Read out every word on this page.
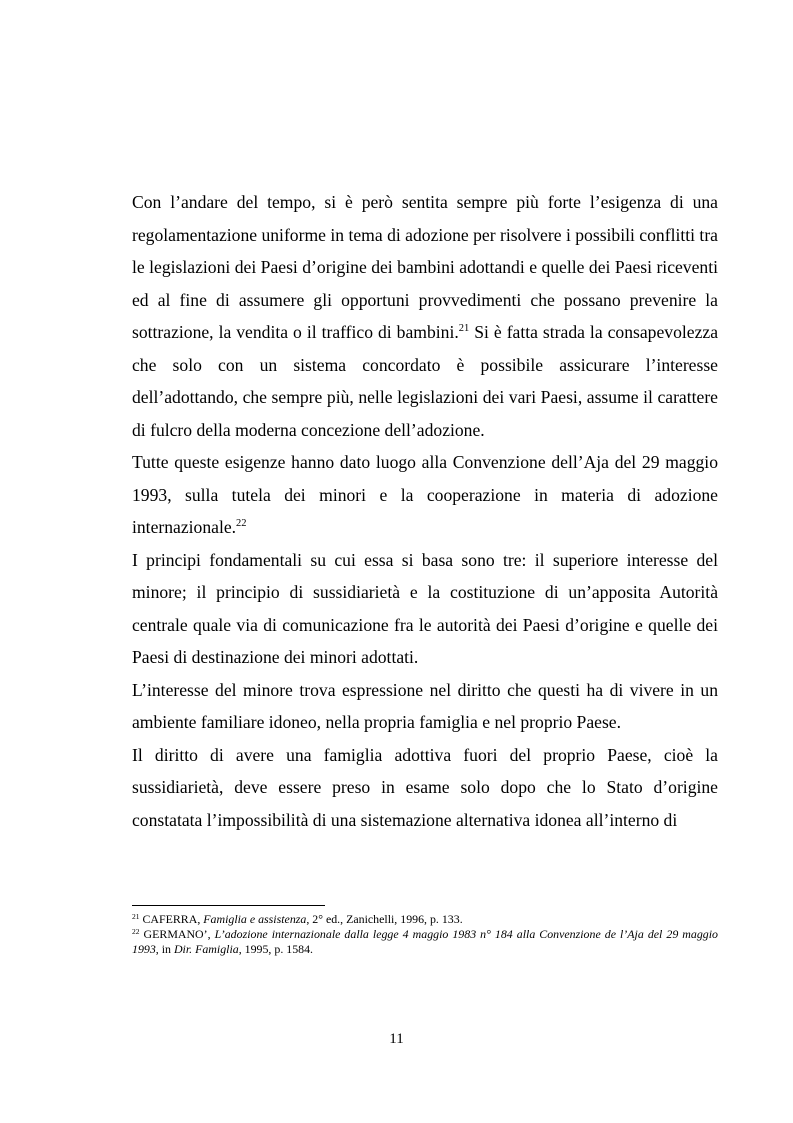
Con l’andare del tempo, si è però sentita sempre più forte l’esigenza di una regolamentazione uniforme in tema di adozione per risolvere i possibili conflitti tra le legislazioni dei Paesi d’origine dei bambini adottandi e quelle dei Paesi riceventi ed al fine di assumere gli opportuni provvedimenti che possano prevenire la sottrazione, la vendita o il traffico di bambini.$^{21}$ Si è fatta strada la consapevolezza che solo con un sistema concordato è possibile assicurare l’interesse dell’adottando, che sempre più, nelle legislazioni dei vari Paesi, assume il carattere di fulcro della moderna concezione dell’adozione.

Tutte queste esigenze hanno dato luogo alla Convenzione dell’Aja del 29 maggio 1993, sulla tutela dei minori e la cooperazione in materia di adozione internazionale.$^{22}$

I principi fondamentali su cui essa si basa sono tre: il superiore interesse del minore; il principio di sussidiarietà e la costituzione di un’apposita Autorità centrale quale via di comunicazione fra le autorità dei Paesi d’origine e quelle dei Paesi di destinazione dei minori adottati.

L’interesse del minore trova espressione nel diritto che questi ha di vivere in un ambiente familiare idoneo, nella propria famiglia e nel proprio Paese.

Il diritto di avere una famiglia adottiva fuori del proprio Paese, cioè la sussidiarietà, deve essere preso in esame solo dopo che lo Stato d’origine constatata l’impossibilità di una sistemazione alternativa idonea all’interno di

$^{21}$ CAFERRA, Famiglia e assistenza, 2° ed., Zanichelli, 1996, p. 133.

$^{22}$ GERMANO’, L’adozione internazionale dalla legge 4 maggio 1983 n° 184 alla Convenzione de l’Aja del 29 maggio 1993, in Dir. Famiglia, 1995, p. 1584.

11
